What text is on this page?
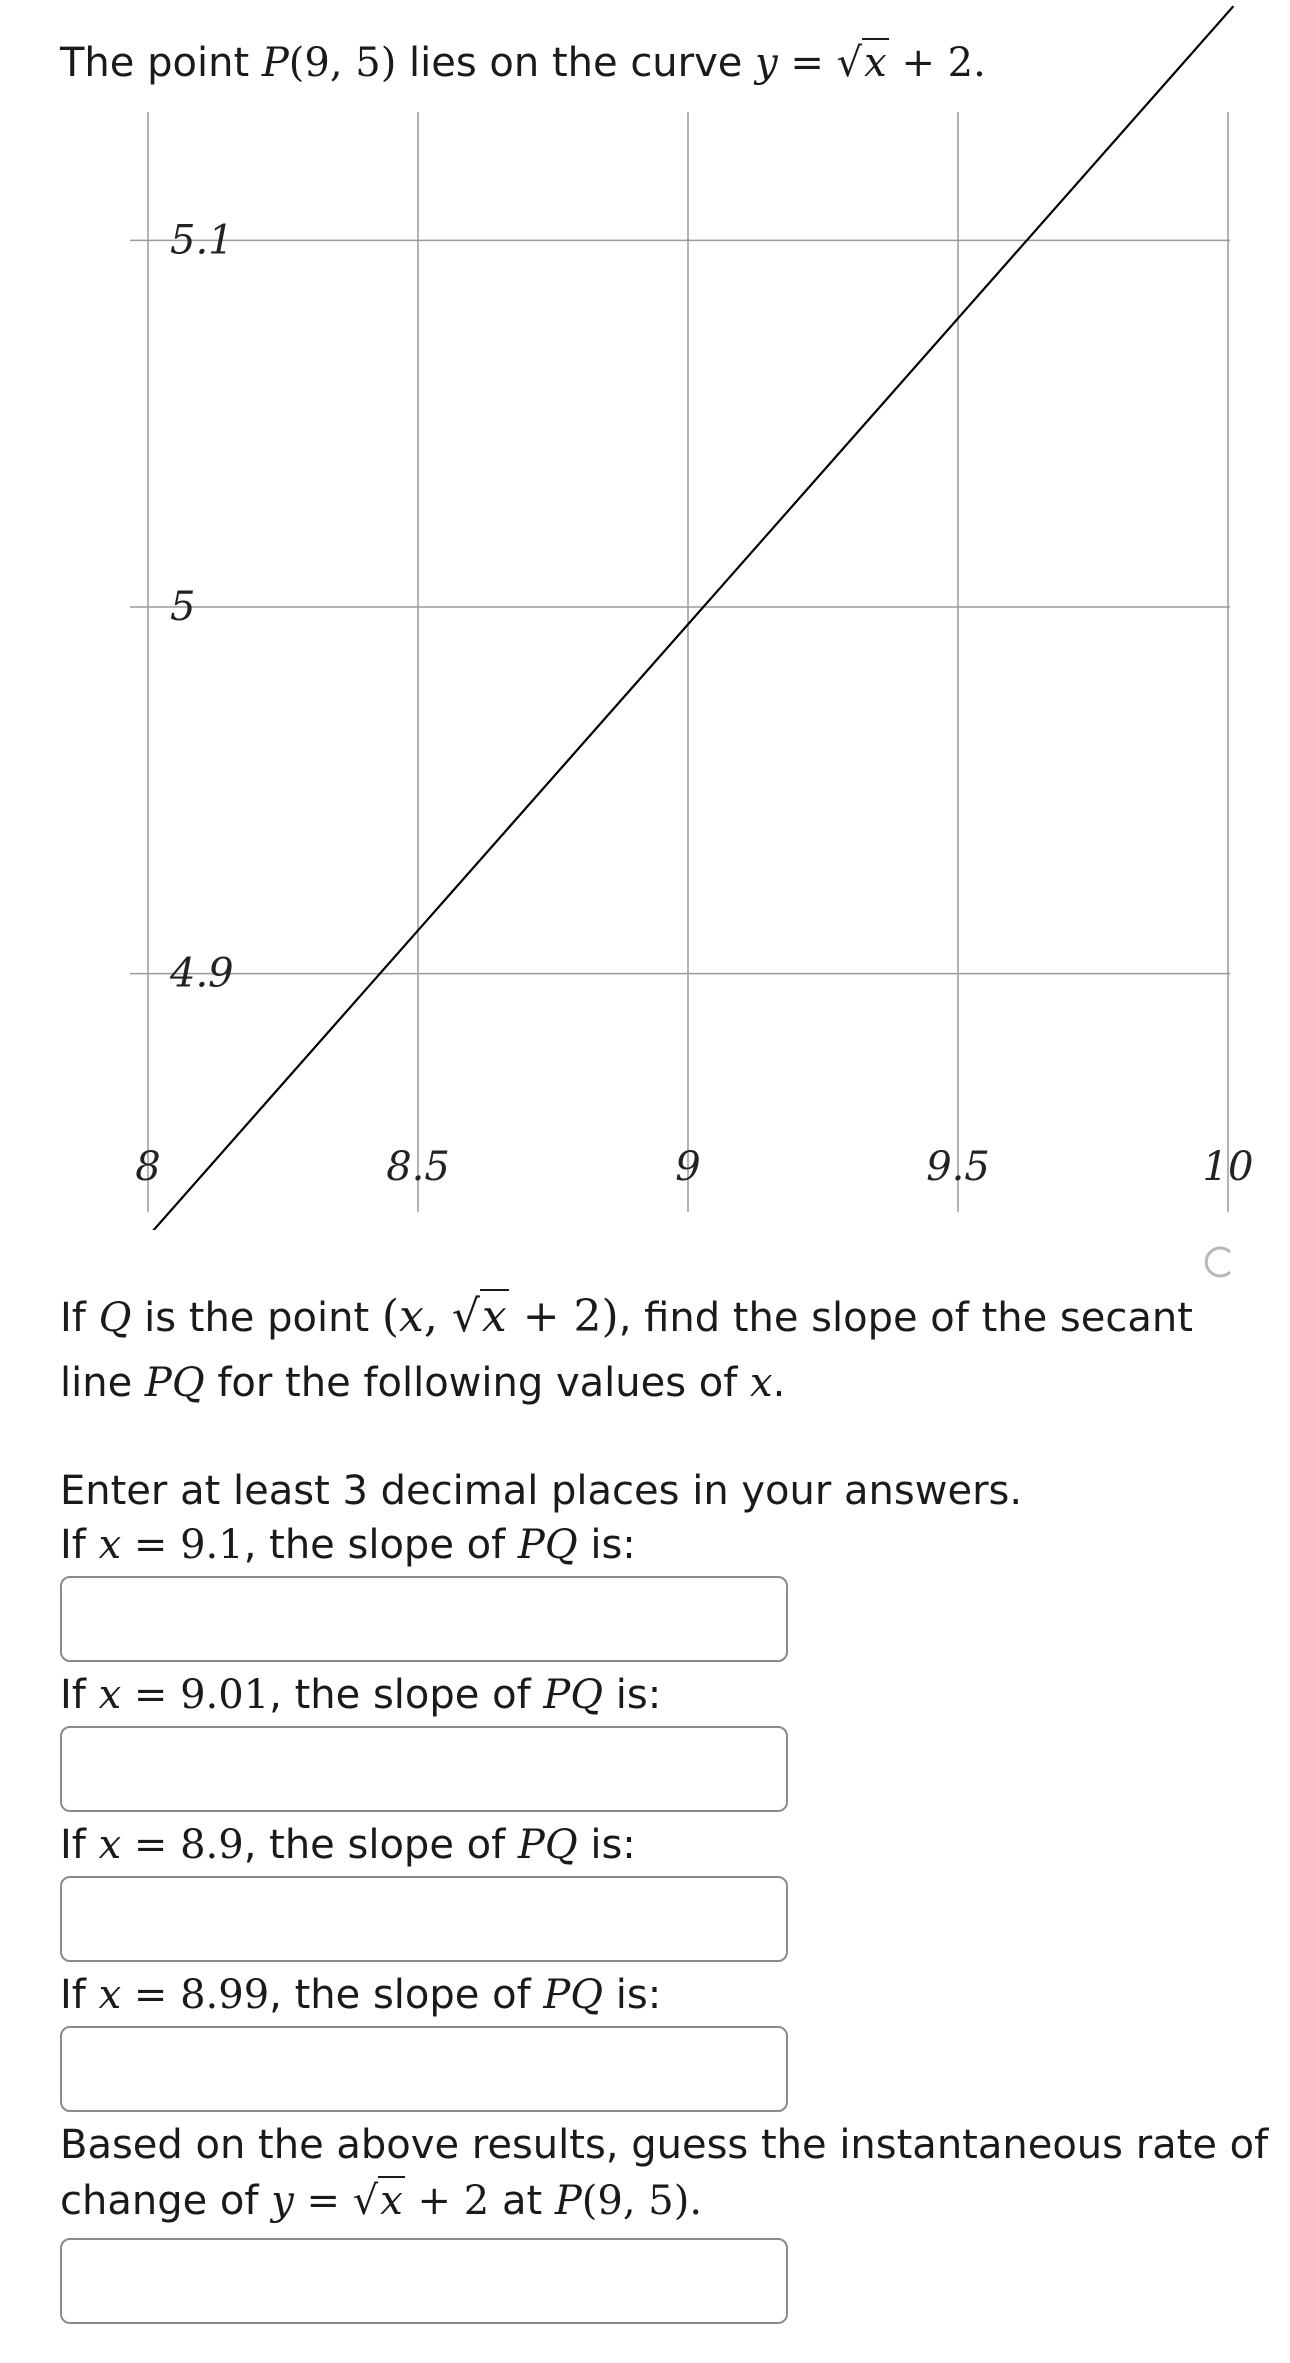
The point P(9, 5) lies on the curve y = √x + 2.
8	8.5	9	9.5	10
4.9
5
5.1
If Q is the point (x, √x + 2), find the slope of the secant
line PQ for the following values of x.
Enter at least 3 decimal places in your answers.
If x = 9.1, the slope of PQ is:
If x = 9.01, the slope of PQ is:
If x = 8.9, the slope of PQ is:
If x = 8.99, the slope of PQ is:
Based on the above results, guess the instantaneous rate of
change of y = √x + 2 at P(9, 5).
